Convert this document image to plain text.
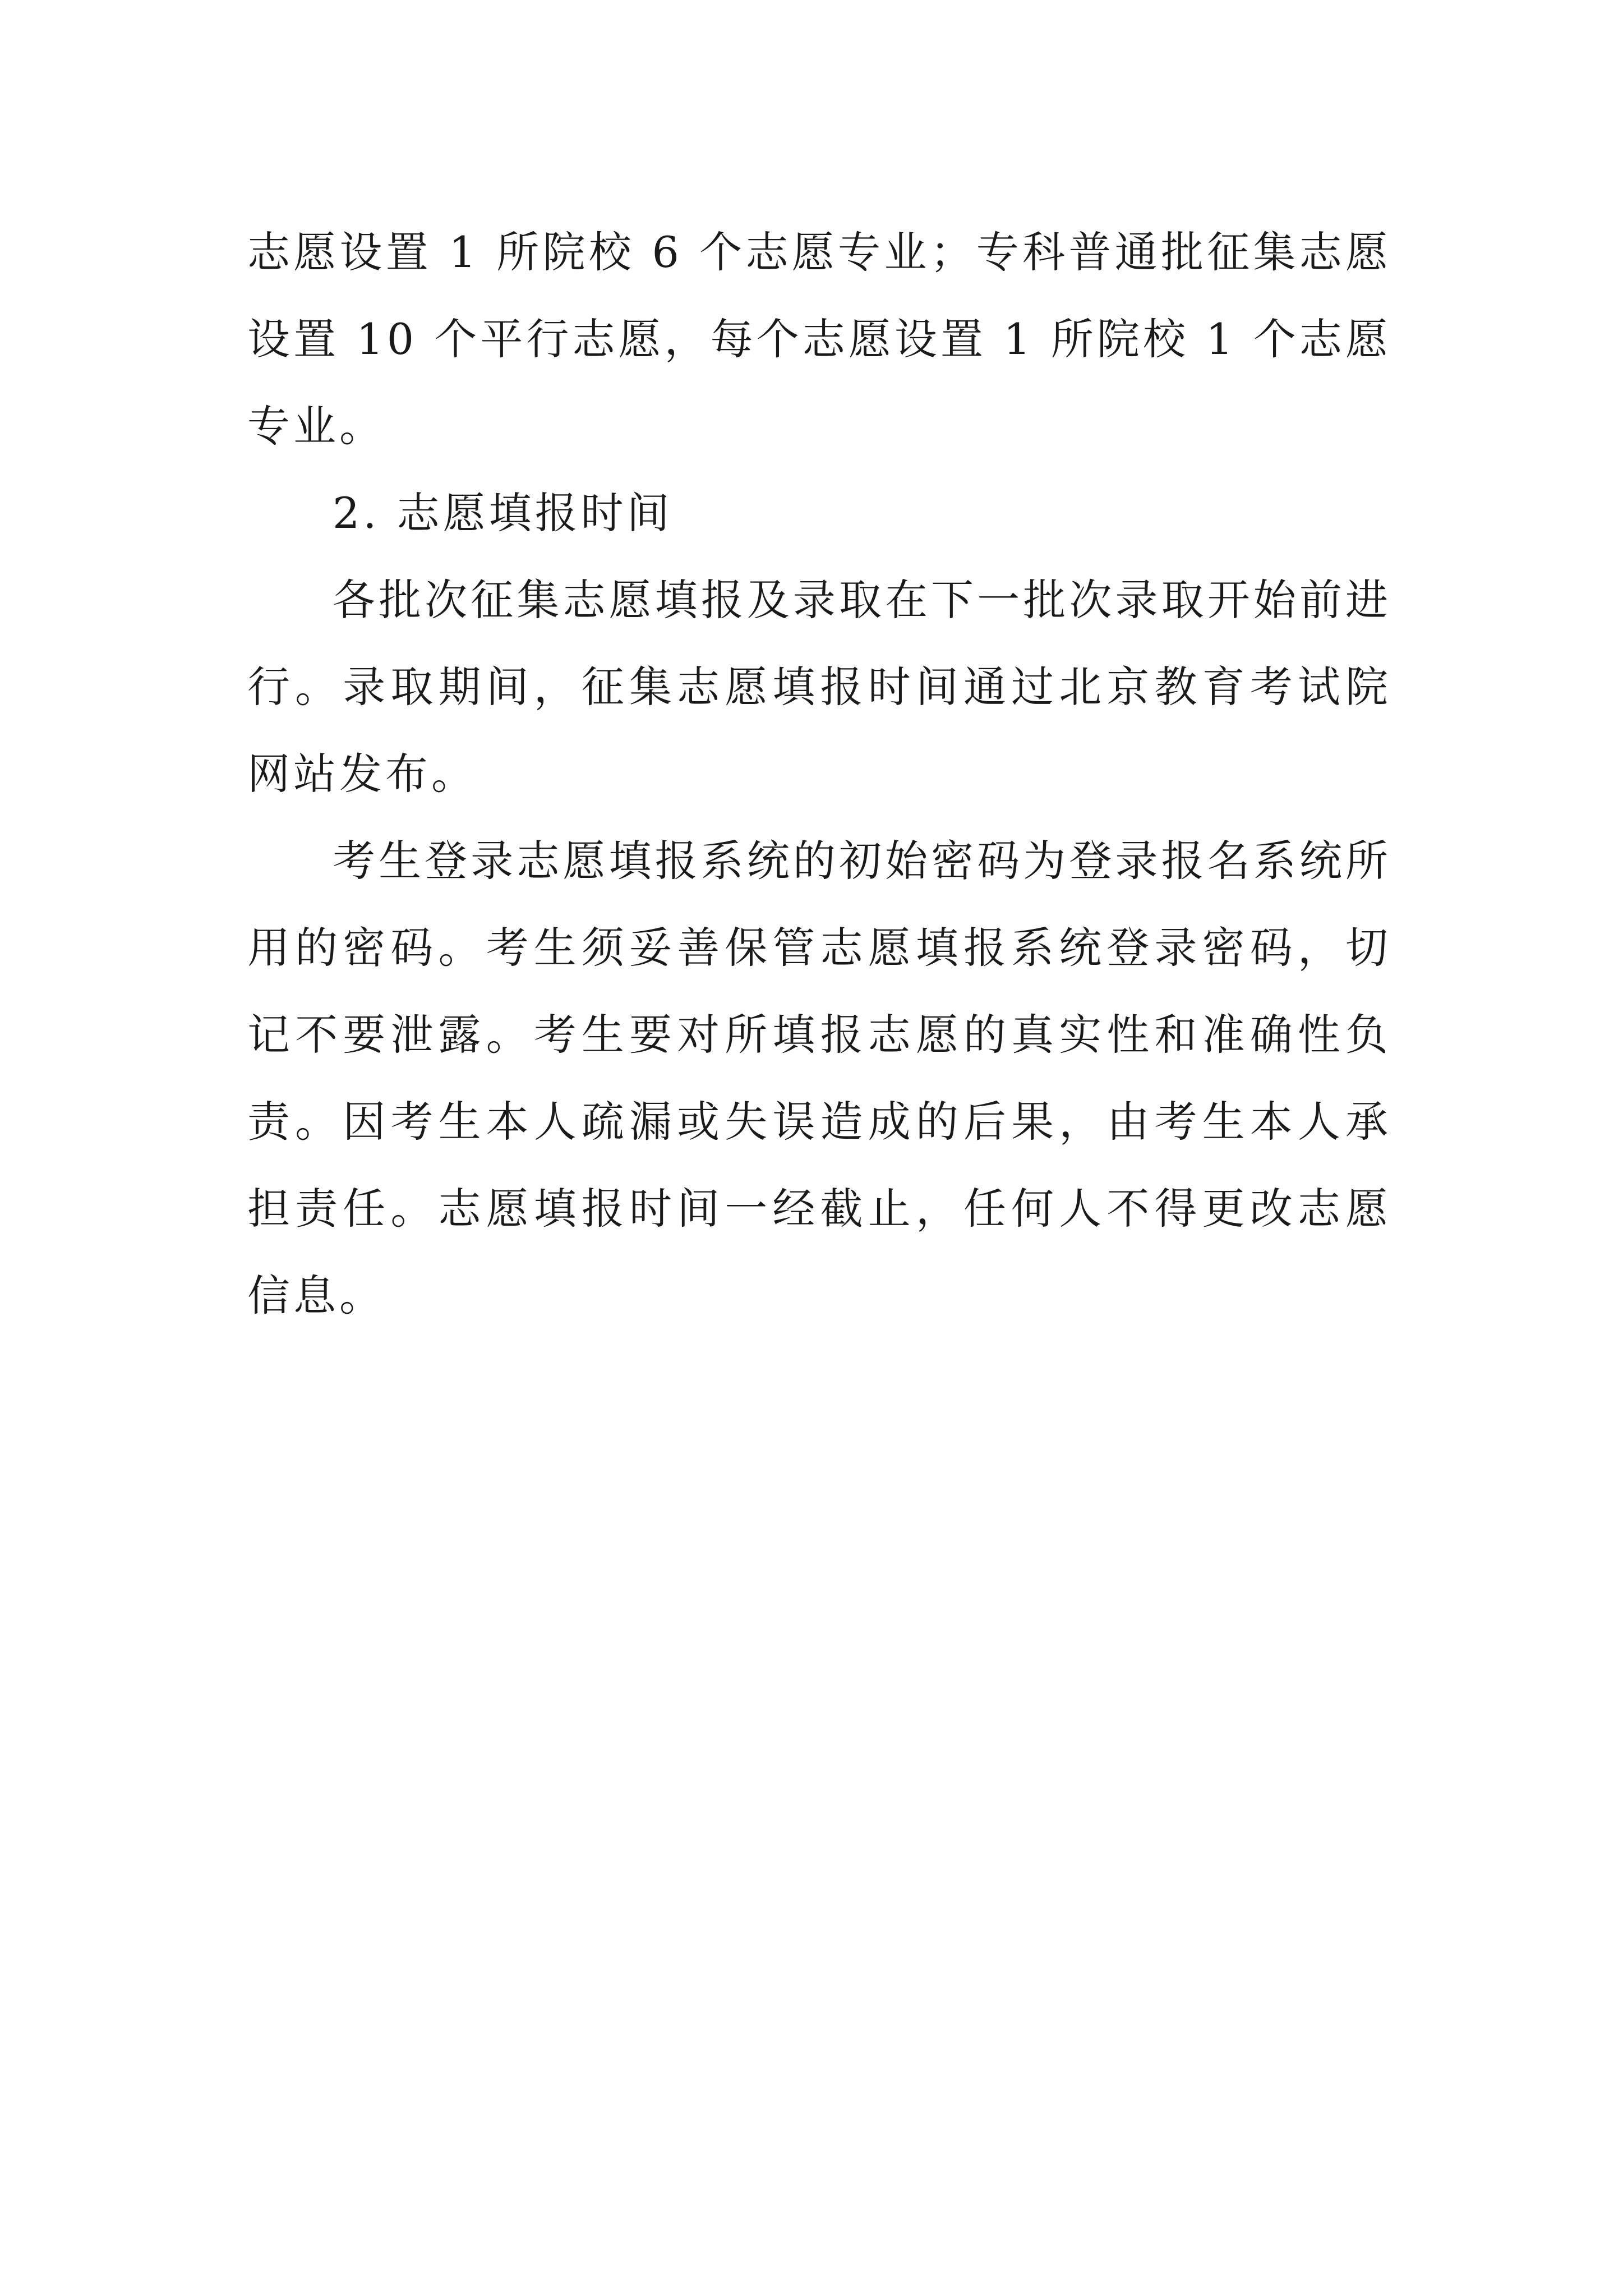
志愿设置 1 所院校 6 个志愿专业；专科普通批征集志愿设置 10 个平行志愿，每个志愿设置 1 所院校 1 个志愿专业。

2. 志愿填报时间

各批次征集志愿填报及录取在下一批次录取开始前进行。录取期间，征集志愿填报时间通过北京教育考试院网站发布。

考生登录志愿填报系统的初始密码为登录报名系统所用的密码。考生须妥善保管志愿填报系统登录密码，切记不要泄露。考生要对所填报志愿的真实性和准确性负责。因考生本人疏漏或失误造成的后果，由考生本人承担责任。志愿填报时间一经截止，任何人不得更改志愿信息。
